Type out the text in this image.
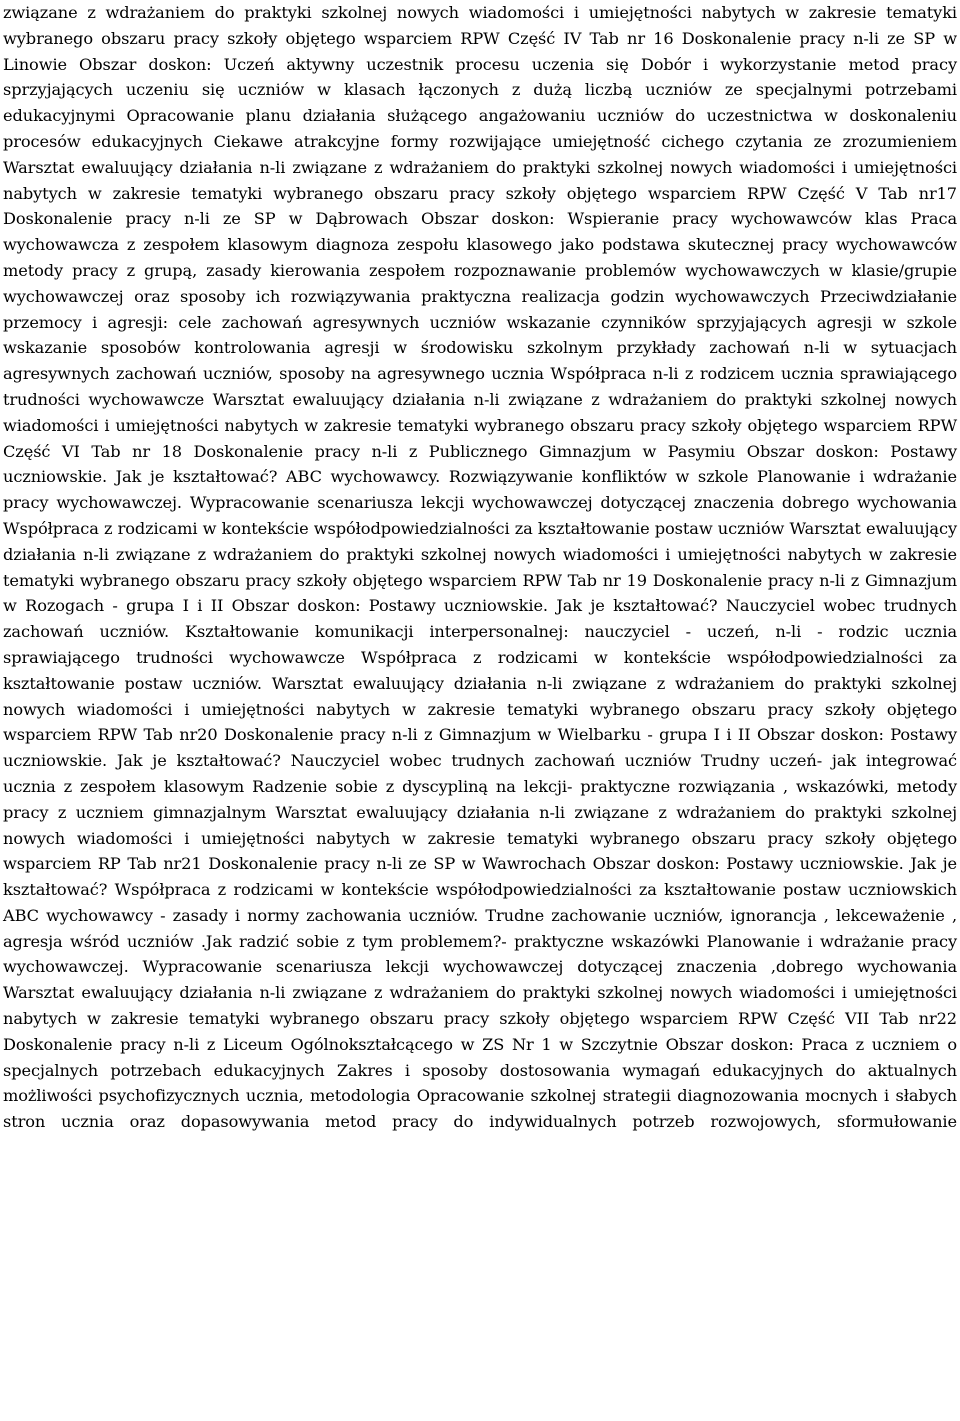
związane z wdrażaniem do praktyki szkolnej nowych wiadomości i umiejętności nabytych w zakresie tematyki wybranego obszaru pracy szkoły objętego wsparciem RPW Część IV Tab nr 16 Doskonalenie pracy n-li ze SP w Linowie Obszar doskon: Uczeń aktywny uczestnik procesu uczenia się Dobór i wykorzystanie metod pracy sprzyjających uczeniu się uczniów w klasach łączonych z dużą liczbą uczniów ze specjalnymi potrzebami edukacyjnymi Opracowanie planu działania służącego angażowaniu uczniów do uczestnictwa w doskonaleniu procesów edukacyjnych Ciekawe atrakcyjne formy rozwijające umiejętność cichego czytania ze zrozumieniem Warsztat ewaluujący działania n-li związane z wdrażaniem do praktyki szkolnej nowych wiadomości i umiejętności nabytych w zakresie tematyki wybranego obszaru pracy szkoły objętego wsparciem RPW Część V Tab nr17 Doskonalenie pracy n-li ze SP w Dąbrowach Obszar doskon: Wspieranie pracy wychowawców klas Praca wychowawcza z zespołem klasowym diagnoza zespołu klasowego jako podstawa skutecznej pracy wychowawców metody pracy z grupą, zasady kierowania zespołem rozpoznawanie problemów wychowawczych w klasie/grupie wychowawczej oraz sposoby ich rozwiązywania praktyczna realizacja godzin wychowawczych Przeciwdziałanie przemocy i agresji: cele zachowań agresywnych uczniów wskazanie czynników sprzyjających agresji w szkole wskazanie sposobów kontrolowania agresji w środowisku szkolnym przykłady zachowań n-li w sytuacjach agresywnych zachowań uczniów, sposoby na agresywnego ucznia Współpraca n-li z rodzicem ucznia sprawiającego trudności wychowawcze Warsztat ewaluujący działania n-li związane z wdrażaniem do praktyki szkolnej nowych wiadomości i umiejętności nabytych w zakresie tematyki wybranego obszaru pracy szkoły objętego wsparciem RPW Część VI Tab nr 18 Doskonalenie pracy n-li z Publicznego Gimnazjum w Pasymiu Obszar doskon: Postawy uczniowskie. Jak je kształtować? ABC wychowawcy. Rozwiązywanie konfliktów w szkole Planowanie i wdrażanie pracy wychowawczej. Wypracowanie scenariusza lekcji wychowawczej dotyczącej znaczenia dobrego wychowania Współpraca z rodzicami w kontekście współodpowiedzialności za kształtowanie postaw uczniów Warsztat ewaluujący działania n-li związane z wdrażaniem do praktyki szkolnej nowych wiadomości i umiejętności nabytych w zakresie tematyki wybranego obszaru pracy szkoły objętego wsparciem RPW Tab nr 19 Doskonalenie pracy n-li z Gimnazjum w Rozogach - grupa I i II Obszar doskon: Postawy uczniowskie. Jak je kształtować? Nauczyciel wobec trudnych zachowań uczniów. Kształtowanie komunikacji interpersonalnej: nauczyciel - uczeń, n-li - rodzic ucznia sprawiającego trudności wychowawcze Współpraca z rodzicami w kontekście współodpowiedzialności za kształtowanie postaw uczniów. Warsztat ewaluujący działania n-li związane z wdrażaniem do praktyki szkolnej nowych wiadomości i umiejętności nabytych w zakresie tematyki wybranego obszaru pracy szkoły objętego wsparciem RPW Tab nr20 Doskonalenie pracy n-li z Gimnazjum w Wielbarku - grupa I i II Obszar doskon: Postawy uczniowskie. Jak je kształtować? Nauczyciel wobec trudnych zachowań uczniów Trudny uczeń- jak integrować ucznia z zespołem klasowym Radzenie sobie z dyscypliną na lekcji- praktyczne rozwiązania , wskazówki, metody pracy z uczniem gimnazjalnym Warsztat ewaluujący działania n-li związane z wdrażaniem do praktyki szkolnej nowych wiadomości i umiejętności nabytych w zakresie tematyki wybranego obszaru pracy szkoły objętego wsparciem RP Tab nr21 Doskonalenie pracy n-li ze SP w Wawrochach Obszar doskon: Postawy uczniowskie. Jak je kształtować? Współpraca z rodzicami w kontekście współodpowiedzialności za kształtowanie postaw uczniowskich ABC wychowawcy - zasady i normy zachowania uczniów. Trudne zachowanie uczniów, ignorancja , lekceważenie , agresja wśród uczniów .Jak radzić sobie z tym problemem?- praktyczne wskazówki Planowanie i wdrażanie pracy wychowawczej. Wypracowanie scenariusza lekcji wychowawczej dotyczącej znaczenia ,dobrego wychowania Warsztat ewaluujący działania n-li związane z wdrażaniem do praktyki szkolnej nowych wiadomości i umiejętności nabytych w zakresie tematyki wybranego obszaru pracy szkoły objętego wsparciem RPW Część VII Tab nr22 Doskonalenie pracy n-li z Liceum Ogólnokształcącego w ZS Nr 1 w Szczytnie Obszar doskon: Praca z uczniem o specjalnych potrzebach edukacyjnych Zakres i sposoby dostosowania wymagań edukacyjnych do aktualnych możliwości psychofizycznych ucznia, metodologia Opracowanie szkolnej strategii diagnozowania mocnych i słabych stron ucznia oraz dopasowywania metod pracy do indywidualnych potrzeb rozwojowych, sformułowanie
